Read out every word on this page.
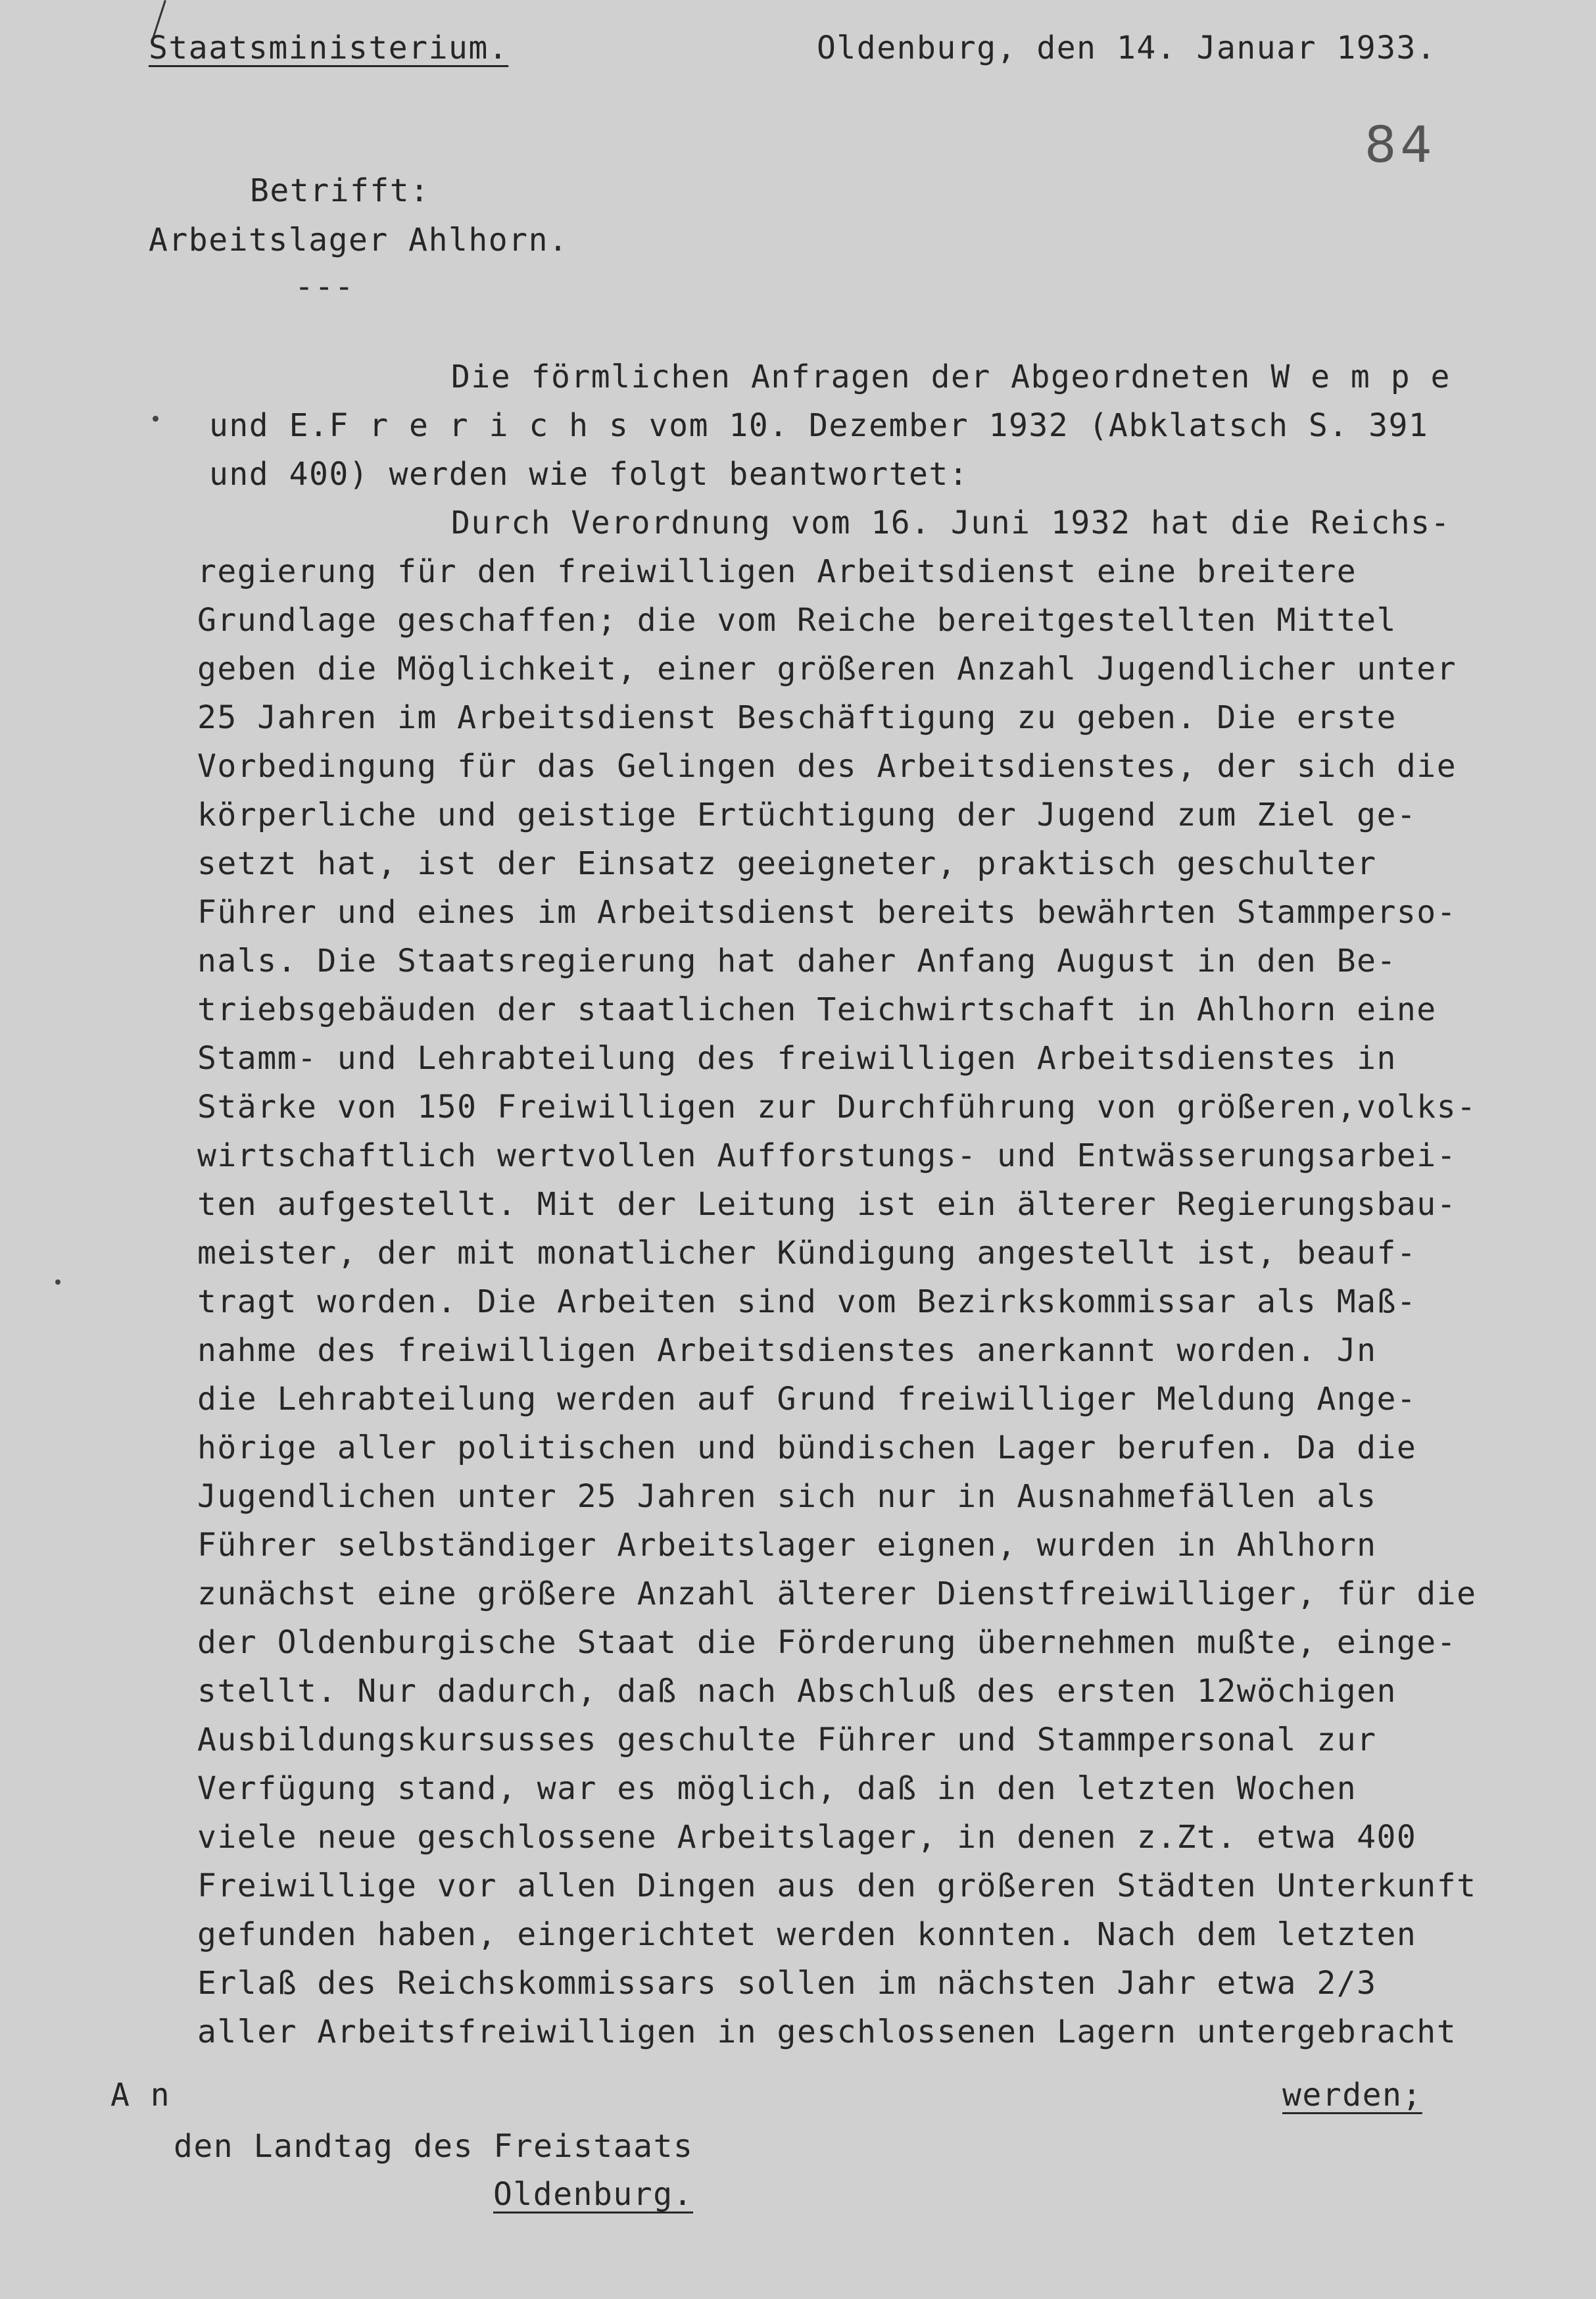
Staatsministerium.	Oldenburg, den 14. Januar 1933.
84
Betrifft:
Arbeitslager Ahlhorn.
---
Die förmlichen Anfragen der Abgeordneten W e m p e
und E.F r e r i c h s vom 10. Dezember 1932 (Abklatsch S. 391
und 400) werden wie folgt beantwortet:
Durch Verordnung vom 16. Juni 1932 hat die Reichs-
regierung für den freiwilligen Arbeitsdienst eine breitere
Grundlage geschaffen; die vom Reiche bereitgestellten Mittel
geben die Möglichkeit, einer größeren Anzahl Jugendlicher unter
25 Jahren im Arbeitsdienst Beschäftigung zu geben. Die erste
Vorbedingung für das Gelingen des Arbeitsdienstes, der sich die
körperliche und geistige Ertüchtigung der Jugend zum Ziel ge-
setzt hat, ist der Einsatz geeigneter, praktisch geschulter
Führer und eines im Arbeitsdienst bereits bewährten Stammperso-
nals. Die Staatsregierung hat daher Anfang August in den Be-
triebsgebäuden der staatlichen Teichwirtschaft in Ahlhorn eine
Stamm- und Lehrabteilung des freiwilligen Arbeitsdienstes in
Stärke von 150 Freiwilligen zur Durchführung von größeren,volks-
wirtschaftlich wertvollen Aufforstungs- und Entwässerungsarbei-
ten aufgestellt. Mit der Leitung ist ein älterer Regierungsbau-
meister, der mit monatlicher Kündigung angestellt ist, beauf-
tragt worden. Die Arbeiten sind vom Bezirkskommissar als Maß-
nahme des freiwilligen Arbeitsdienstes anerkannt worden. Jn
die Lehrabteilung werden auf Grund freiwilliger Meldung Ange-
hörige aller politischen und bündischen Lager berufen. Da die
Jugendlichen unter 25 Jahren sich nur in Ausnahmefällen als
Führer selbständiger Arbeitslager eignen, wurden in Ahlhorn
zunächst eine größere Anzahl älterer Dienstfreiwilliger, für die
der Oldenburgische Staat die Förderung übernehmen mußte, einge-
stellt. Nur dadurch, daß nach Abschluß des ersten 12wöchigen
Ausbildungskursusses geschulte Führer und Stammpersonal zur
Verfügung stand, war es möglich, daß in den letzten Wochen
viele neue geschlossene Arbeitslager, in denen z.Zt. etwa 400
Freiwillige vor allen Dingen aus den größeren Städten Unterkunft
gefunden haben, eingerichtet werden konnten. Nach dem letzten
Erlaß des Reichskommissars sollen im nächsten Jahr etwa 2/3
aller Arbeitsfreiwilligen in geschlossenen Lagern untergebracht
werden;
A n
den Landtag des Freistaats
Oldenburg.
